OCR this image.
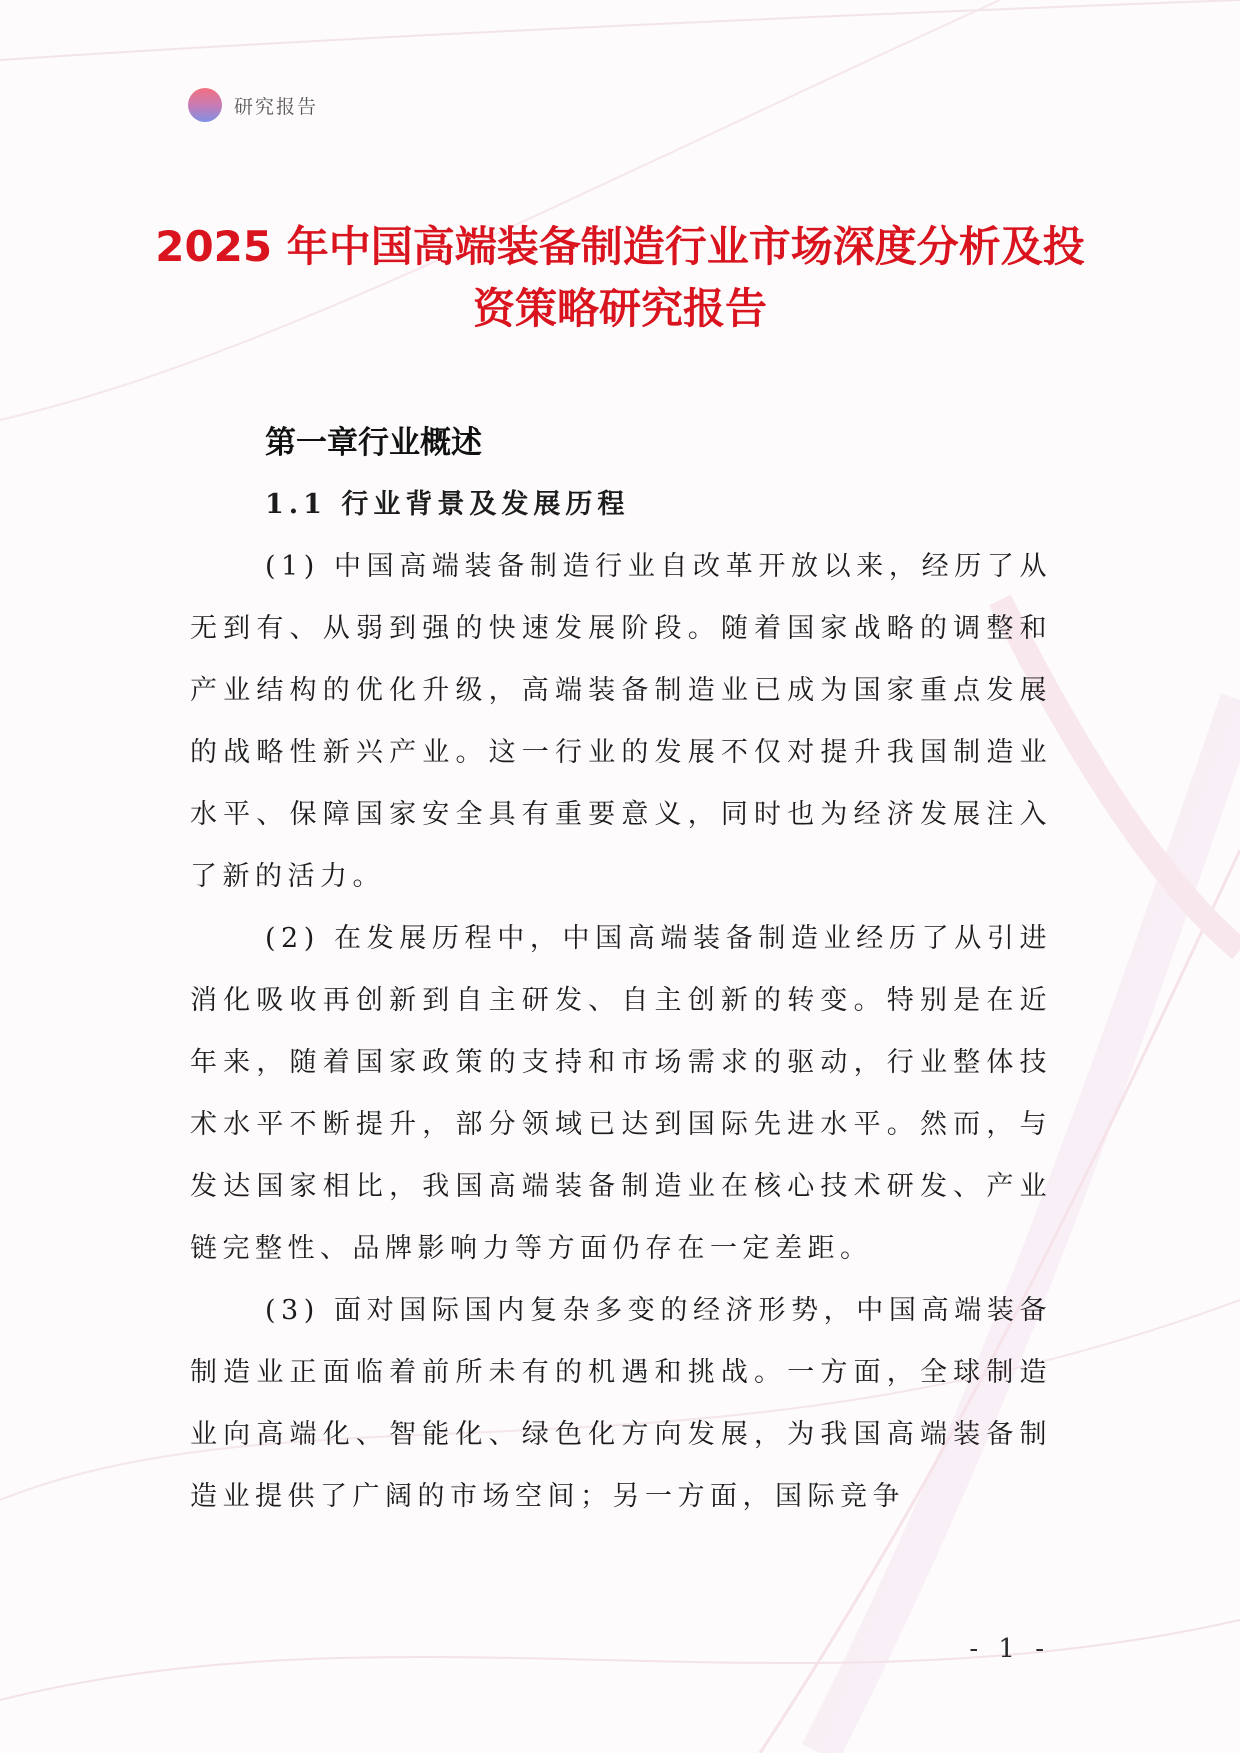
研究报告
2025 年中国高端装备制造行业市场深度分析及投资策略研究报告
第一章行业概述
1.1 行业背景及发展历程

(1) 中国高端装备制造行业自改革开放以来，经历了从无到有、从弱到强的快速发展阶段。随着国家战略的调整和产业结构的优化升级，高端装备制造业已成为国家重点发展的战略性新兴产业。这一行业的发展不仅对提升我国制造业水平、保障国家安全具有重要意义，同时也为经济发展注入了新的活力。

(2) 在发展历程中，中国高端装备制造业经历了从引进消化吸收再创新到自主研发、自主创新的转变。特别是在近年来，随着国家政策的支持和市场需求的驱动，行业整体技术水平不断提升，部分领域已达到国际先进水平。然而，与发达国家相比，我国高端装备制造业在核心技术研发、产业链完整性、品牌影响力等方面仍存在一定差距。

(3) 面对国际国内复杂多变的经济形势，中国高端装备制造业正面临着前所未有的机遇和挑战。一方面，全球制造业向高端化、智能化、绿色化方向发展，为我国高端装备制造业提供了广阔的市场空间；另一方面，国际竞争

- 1 -
